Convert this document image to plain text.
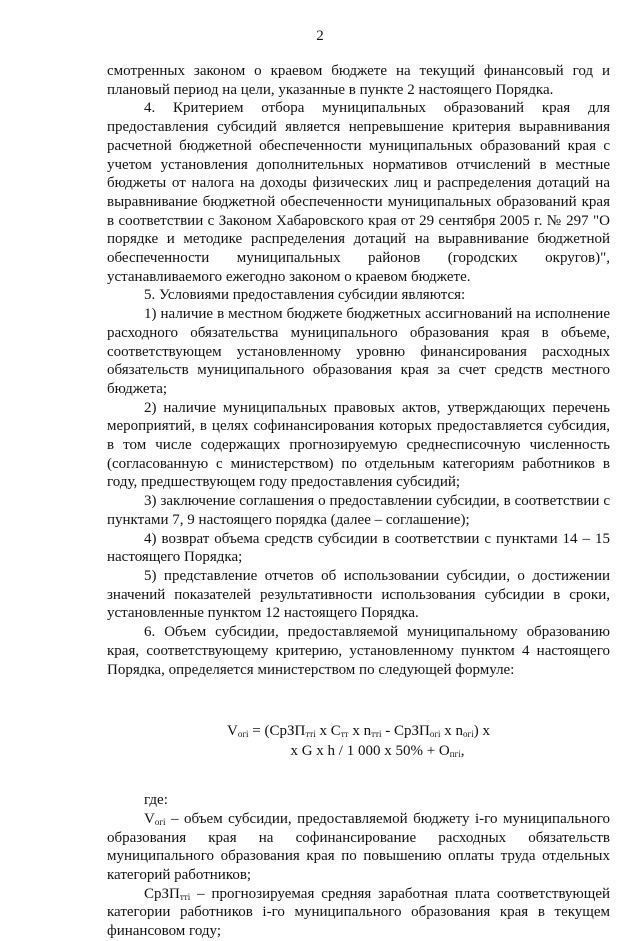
2

смотренных законом о краевом бюджете на текущий финансовый год и плановый период на цели, указанные в пункте 2 настоящего Порядка.

4. Критерием отбора муниципальных образований края для предоставления субсидий является непревышение критерия выравнивания расчетной бюджетной обеспеченности муниципальных образований края с учетом установления дополнительных нормативов отчислений в местные бюджеты от налога на доходы физических лиц и распределения дотаций на выравнивание бюджетной обеспеченности муниципальных образований края в соответствии с Законом Хабаровского края от 29 сентября 2005 г. № 297 "О порядке и методике распределения дотаций на выравнивание бюджетной обеспеченности муниципальных районов (городских округов)", устанавливаемого ежегодно законом о краевом бюджете.

5. Условиями предоставления субсидии являются:

1) наличие в местном бюджете бюджетных ассигнований на исполнение расходного обязательства муниципального образования края в объеме, соответствующем установленному уровню финансирования расходных обязательств муниципального образования края за счет средств местного бюджета;

2) наличие муниципальных правовых актов, утверждающих перечень мероприятий, в целях софинансирования которых предоставляется субсидия, в том числе содержащих прогнозируемую среднесписочную численность (согласованную с министерством) по отдельным категориям работников в году, предшествующем году предоставления субсидий;

3) заключение соглашения о предоставлении субсидии, в соответствии с пунктами 7, 9 настоящего порядка (далее – соглашение);

4) возврат объема средств субсидии в соответствии с пунктами 14 – 15 настоящего Порядка;

5) представление отчетов об использовании субсидии, о достижении значений показателей результативности использования субсидии в сроки, установленные пунктом 12 настоящего Порядка.

6. Объем субсидии, предоставляемой муниципальному образованию края, соответствующему критерию, установленному пунктом 4 настоящего Порядка, определяется министерством по следующей формуле:

$V_{огi}$ = (СрЗП$_{ттi}$ x $С_{тт}$ x $n_{ттi}$ - СрЗП$_{огi}$ x $n_{огi}$) x
x G x h / 1 000 x $50\% + O_{пгi}$,

где:

$V_{огi}$ – объем субсидии, предоставляемой бюджету i-го муниципального образования края на софинансирование расходных обязательств муниципального образования края по повышению оплаты труда отдельных категорий работников;

СрЗП$_{ттi}$ – прогнозируемая средняя заработная плата соответствующей категории работников i-го муниципального образования края в текущем финансовом году;
